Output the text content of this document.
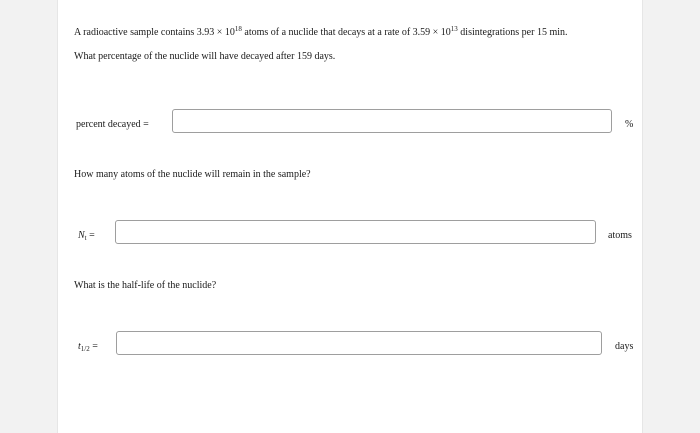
A radioactive sample contains $3.93 \times 10^{18}$ atoms of a nuclide that decays at a rate of $3.59 \times 10^{13}$ disintegrations per 15 min.
What percentage of the nuclide will have decayed after 159 days.
percent decayed =	%
How many atoms of the nuclide will remain in the sample?
$N_t$ =	atoms
What is the half-life of the nuclide?
$t_{1/2}$ =	days
